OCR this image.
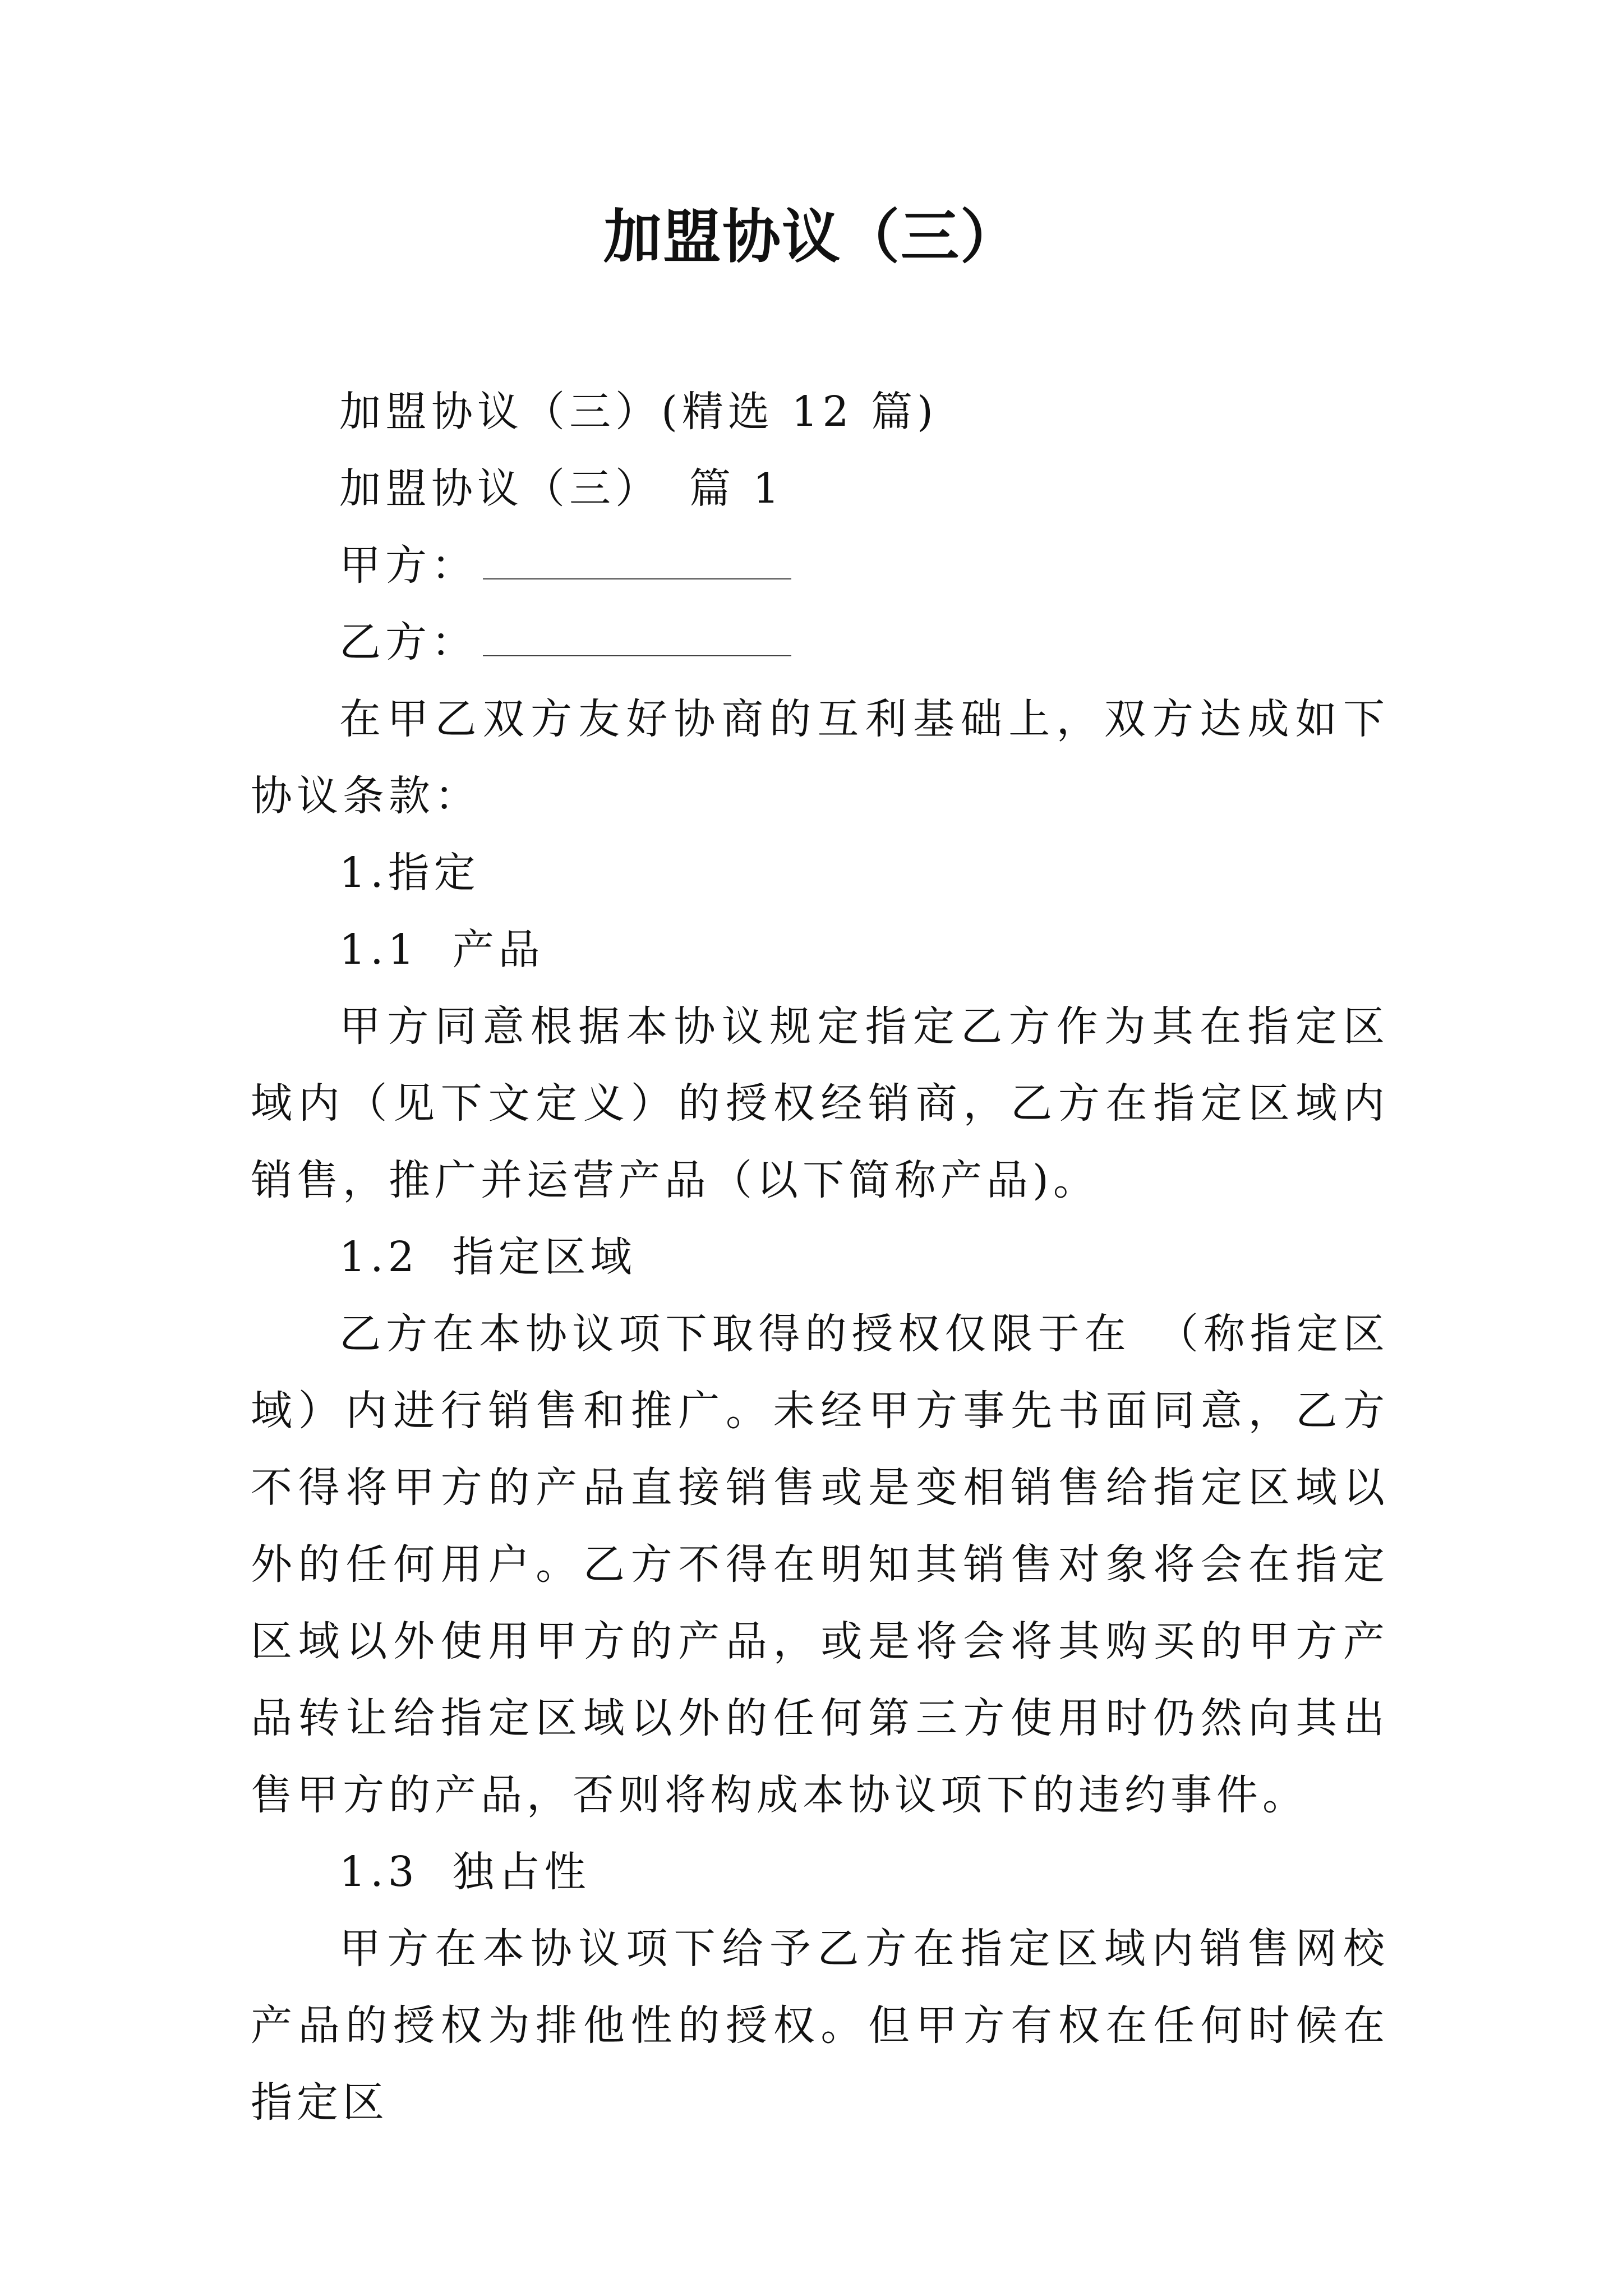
加盟协议（三）

加盟协议（三）(精选 12 篇)

加盟协议（三） 篇 1

甲方：

乙方：

在甲乙双方友好协商的互利基础上，双方达成如下协议条款：

1.指定

1.1 产品

甲方同意根据本协议规定指定乙方作为其在指定区域内（见下文定义）的授权经销商，乙方在指定区域内销售，推广并运营产品（以下简称产品)。

1.2 指定区域

乙方在本协议项下取得的授权仅限于在　（称指定区域）内进行销售和推广。未经甲方事先书面同意，乙方不得将甲方的产品直接销售或是变相销售给指定区域以外的任何用户。乙方不得在明知其销售对象将会在指定区域以外使用甲方的产品，或是将会将其购买的甲方产品转让给指定区域以外的任何第三方使用时仍然向其出售甲方的产品，否则将构成本协议项下的违约事件。

1.3 独占性

甲方在本协议项下给予乙方在指定区域内销售网校产品的授权为排他性的授权。但甲方有权在任何时候在指定区
